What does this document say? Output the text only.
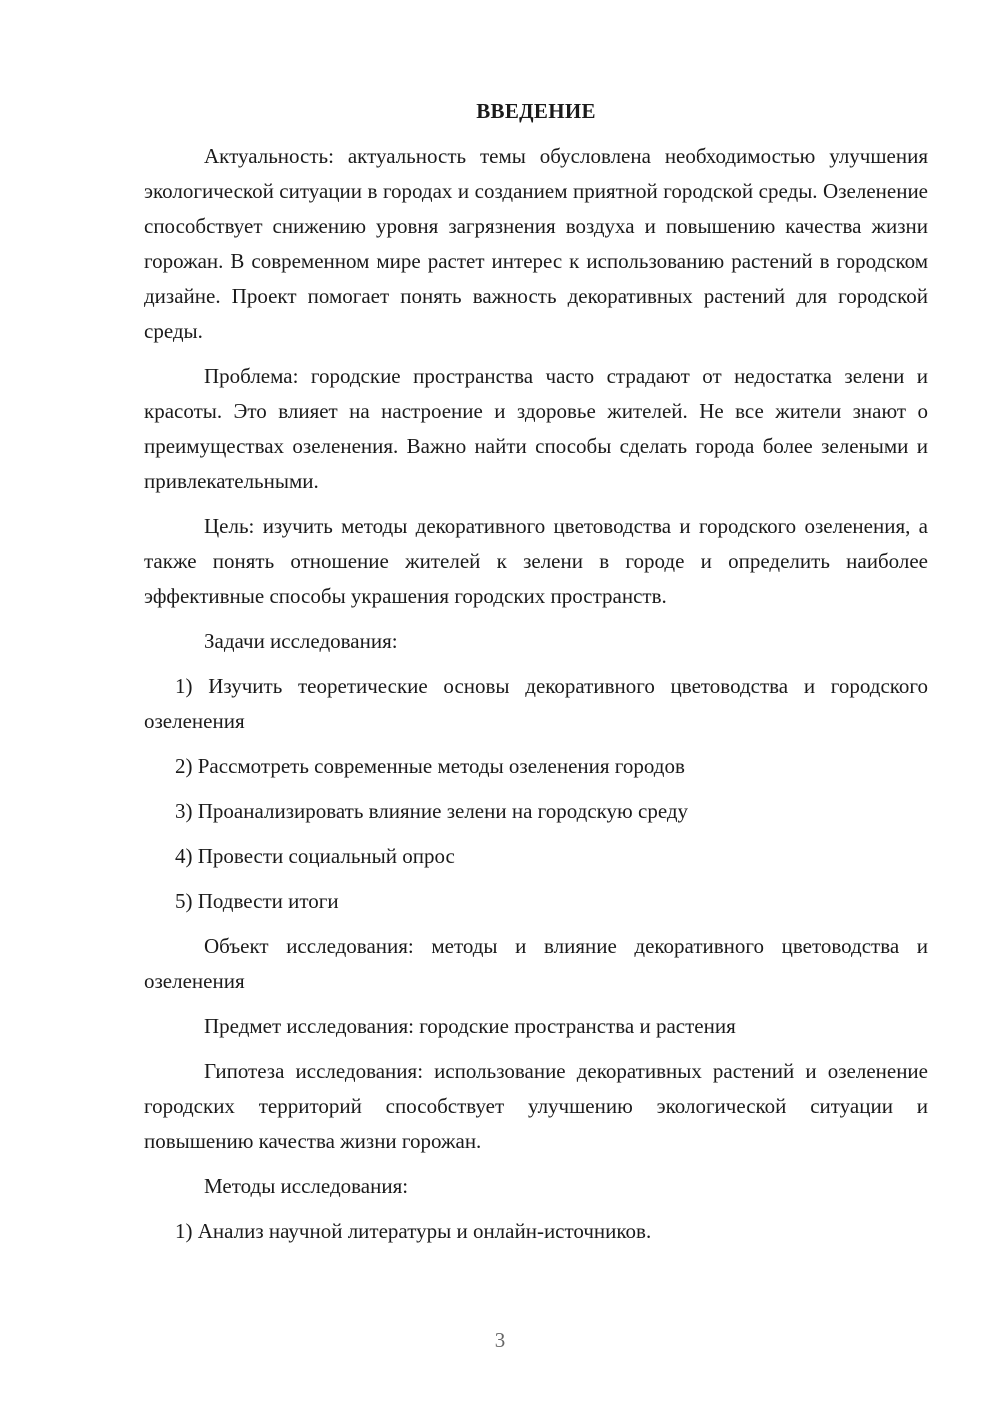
ВВЕДЕНИЕ

Актуальность: актуальность темы обусловлена необходимостью улучшения экологической ситуации в городах и созданием приятной городской среды. Озеленение способствует снижению уровня загрязнения воздуха и повышению качества жизни горожан. В современном мире растет интерес к использованию растений в городском дизайне. Проект помогает понять важность декоративных растений для городской среды.

Проблема: городские пространства часто страдают от недостатка зелени и красоты. Это влияет на настроение и здоровье жителей. Не все жители знают о преимуществах озеленения. Важно найти способы сделать города более зелеными и привлекательными.

Цель: изучить методы декоративного цветоводства и городского озеленения, а также понять отношение жителей к зелени в городе и определить наиболее эффективные способы украшения городских пространств.

Задачи исследования:

1) Изучить теоретические основы декоративного цветоводства и городского озеленения

2) Рассмотреть современные методы озеленения городов

3) Проанализировать влияние зелени на городскую среду

4) Провести социальный опрос

5) Подвести итоги

Объект исследования: методы и влияние декоративного цветоводства и озеленения

Предмет исследования: городские пространства и растения

Гипотеза исследования: использование декоративных растений и озеленение городских территорий способствует улучшению экологической ситуации и повышению качества жизни горожан.

Методы исследования:

1) Анализ научной литературы и онлайн-источников.

3
